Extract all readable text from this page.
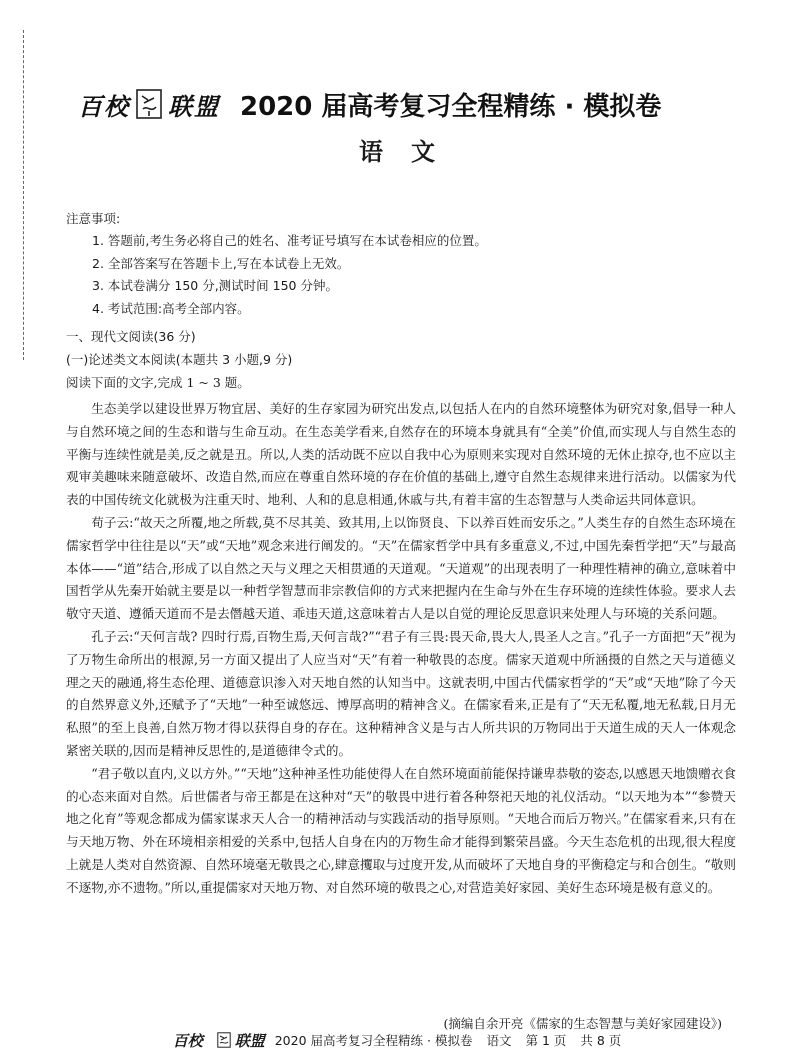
百校 联盟 2020 届高考复习全程精练 · 模拟卷
语文
注意事项:
1. 答题前,考生务必将自己的姓名、准考证号填写在本试卷相应的位置。
2. 全部答案写在答题卡上,写在本试卷上无效。
3. 本试卷满分 150 分,测试时间 150 分钟。
4. 考试范围:高考全部内容。
一、现代文阅读(36 分)
(一)论述类文本阅读(本题共 3 小题,9 分)
阅读下面的文字,完成 1 ~ 3 题。

生态美学以建设世界万物宜居、美好的生存家园为研究出发点,以包括人在内的自然环境整体为研究对象,倡导一种人与自然环境之间的生态和谐与生命互动。在生态美学看来,自然存在的环境本身就具有“全美”价值,而实现人与自然生态的平衡与连续性就是美,反之就是丑。所以,人类的活动既不应以自我中心为原则来实现对自然环境的无休止掠夺,也不应以主观审美趣味来随意破坏、改造自然,而应在尊重自然环境的存在价值的基础上,遵守自然生态规律来进行活动。以儒家为代表的中国传统文化就极为注重天时、地利、人和的息息相通,休戚与共,有着丰富的生态智慧与人类命运共同体意识。

荀子云:“故天之所覆,地之所载,莫不尽其美、致其用,上以饰贤良、下以养百姓而安乐之。”人类生存的自然生态环境在儒家哲学中往往是以“天”或“天地”观念来进行阐发的。“天”在儒家哲学中具有多重意义,不过,中国先秦哲学把“天”与最高本体——“道”结合,形成了以自然之天与义理之天相贯通的天道观。“天道观”的出现表明了一种理性精神的确立,意味着中国哲学从先秦开始就主要是以一种哲学智慧而非宗教信仰的方式来把握内在生命与外在生存环境的连续性体验。要求人去敬守天道、遵循天道而不是去僭越天道、乖违天道,这意味着古人是以自觉的理论反思意识来处理人与环境的关系问题。

孔子云:“天何言哉? 四时行焉,百物生焉,天何言哉?”“君子有三畏:畏天命,畏大人,畏圣人之言。”孔子一方面把“天”视为了万物生命所出的根源,另一方面又提出了人应当对“天”有着一种敬畏的态度。儒家天道观中所涵摄的自然之天与道德义理之天的融通,将生态伦理、道德意识渗入对天地自然的认知当中。这就表明,中国古代儒家哲学的“天”或“天地”除了今天的自然界意义外,还赋予了“天地”一种至诚悠远、博厚高明的精神含义。在儒家看来,正是有了“天无私覆,地无私载,日月无私照”的至上良善,自然万物才得以获得自身的存在。这种精神含义是与古人所共识的万物同出于天道生成的天人一体观念紧密关联的,因而是精神反思性的,是道德律令式的。

“君子敬以直内,义以方外。”“天地”这种神圣性功能使得人在自然环境面前能保持谦卑恭敬的姿态,以感恩天地馈赠衣食的心态来面对自然。后世儒者与帝王都是在这种对“天”的敬畏中进行着各种祭祀天地的礼仪活动。“以天地为本”“参赞天地之化育”等观念都成为儒家谋求天人合一的精神活动与实践活动的指导原则。“天地合而后万物兴。”在儒家看来,只有在与天地万物、外在环境相亲相爱的关系中,包括人自身在内的万物生命才能得到繁荣昌盛。今天生态危机的出现,很大程度上就是人类对自然资源、自然环境毫无敬畏之心,肆意攫取与过度开发,从而破坏了天地自身的平衡稳定与和合创生。“敬则不逐物,亦不遗物。”所以,重提儒家对天地万物、对自然环境的敬畏之心,对营造美好家园、美好生态环境是极有意义的。

(摘编自余开亮《儒家的生态智慧与美好家园建设》)
百校 联盟 2020 届高考复习全程精练 · 模拟卷 语文 第 1 页 共 8 页
